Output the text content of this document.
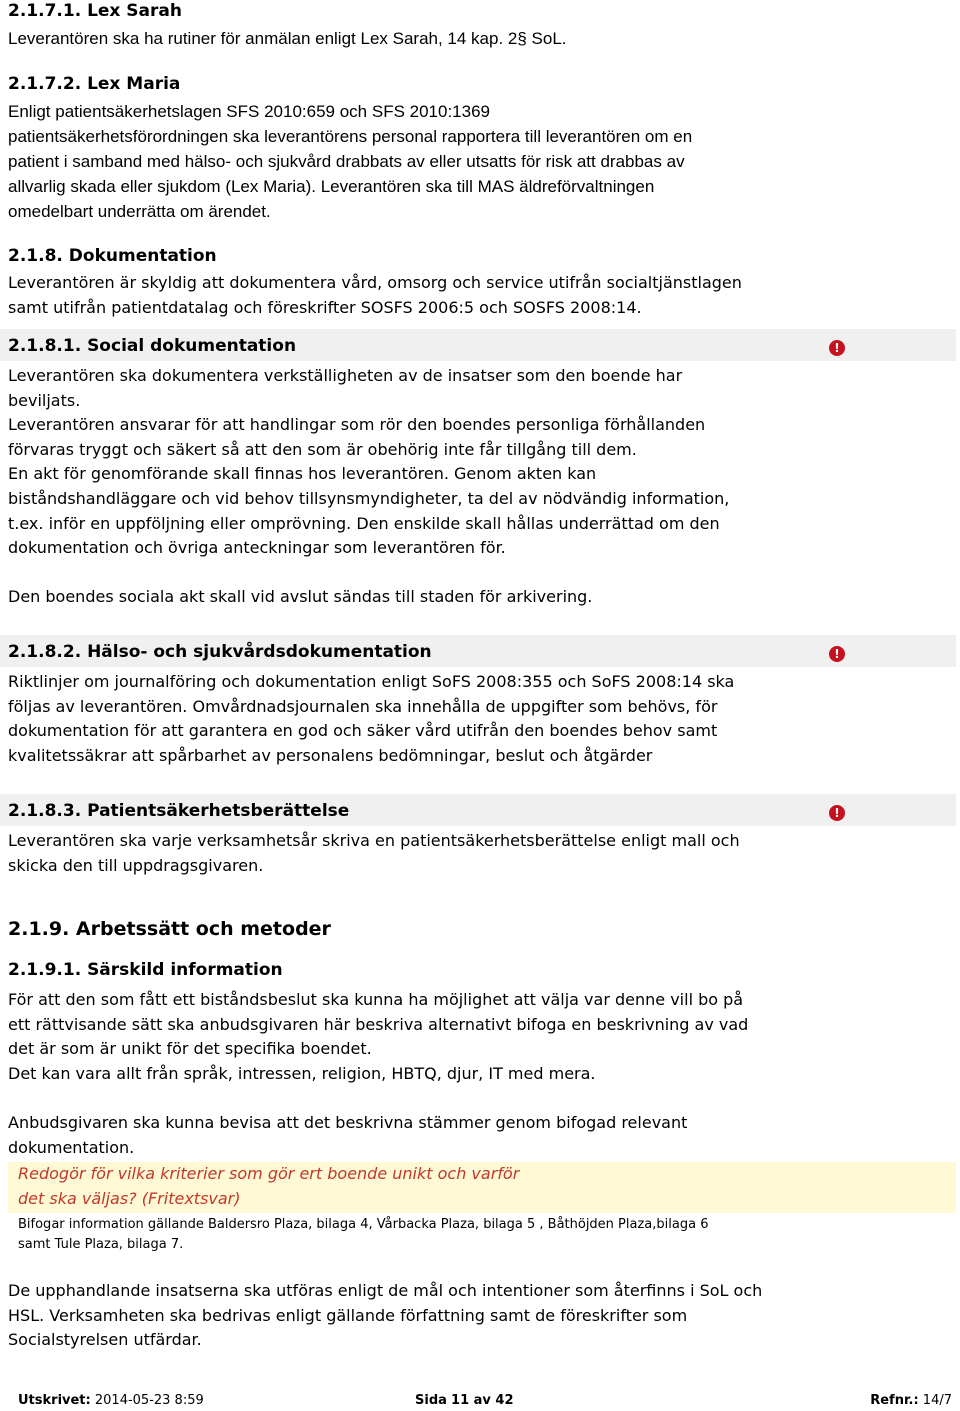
2.1.7.1. Lex Sarah

Leverantören ska ha rutiner för anmälan enligt Lex Sarah, 14 kap. 2§ SoL.

2.1.7.2. Lex Maria

Enligt patientsäkerhetslagen SFS 2010:659 och SFS 2010:1369

patientsäkerhetsförordningen ska leverantörens personal rapportera till leverantören om en

patient i samband med hälso- och sjukvård drabbats av eller utsatts för risk att drabbas av

allvarlig skada eller sjukdom (Lex Maria). Leverantören ska till MAS äldreförvaltningen

omedelbart underrätta om ärendet.

2.1.8. Dokumentation

Leverantören är skyldig att dokumentera vård, omsorg och service utifrån socialtjänstlagen

samt utifrån patientdatalag och föreskrifter SOSFS 2006:5 och SOSFS 2008:14.

2.1.8.1. Social dokumentation	!

Leverantören ska dokumentera verkställigheten av de insatser som den boende har

beviljats.

Leverantören ansvarar för att handlingar som rör den boendes personliga förhållanden

förvaras tryggt och säkert så att den som är obehörig inte får tillgång till dem.

En akt för genomförande skall finnas hos leverantören. Genom akten kan

biståndshandläggare och vid behov tillsynsmyndigheter, ta del av nödvändig information,

t.ex. inför en uppföljning eller omprövning. Den enskilde skall hållas underrättad om den

dokumentation och övriga anteckningar som leverantören för.

Den boendes sociala akt skall vid avslut sändas till staden för arkivering.

2.1.8.2. Hälso- och sjukvårdsdokumentation	!

Riktlinjer om journalföring och dokumentation enligt SoFS 2008:355 och SoFS 2008:14 ska

följas av leverantören. Omvårdnadsjournalen ska innehålla de uppgifter som behövs, för

dokumentation för att garantera en god och säker vård utifrån den boendes behov samt

kvalitetssäkrar att spårbarhet av personalens bedömningar, beslut och åtgärder

2.1.8.3. Patientsäkerhetsberättelse	!

Leverantören ska varje verksamhetsår skriva en patientsäkerhetsberättelse enligt mall och

skicka den till uppdragsgivaren.

2.1.9. Arbetssätt och metoder
2.1.9.1. Särskild information

För att den som fått ett biståndsbeslut ska kunna ha möjlighet att välja var denne vill bo på

ett rättvisande sätt ska anbudsgivaren här beskriva alternativt bifoga en beskrivning av vad

det är som är unikt för det specifika boendet.

Det kan vara allt från språk, intressen, religion, HBTQ, djur, IT med mera.

Anbudsgivaren ska kunna bevisa att det beskrivna stämmer genom bifogad relevant

dokumentation.

Redogör för vilka kriterier som gör ert boende unikt och varför

det ska väljas? (Fritextsvar)

Bifogar information gällande Baldersro Plaza, bilaga 4, Vårbacka Plaza, bilaga 5 , Båthöjden Plaza,bilaga 6

samt Tule Plaza, bilaga 7.

De upphandlande insatserna ska utföras enligt de mål och intentioner som återfinns i SoL och

HSL. Verksamheten ska bedrivas enligt gällande författning samt de föreskrifter som

Socialstyrelsen utfärdar.

Utskrivet: 2014-05-23 8:59	Sida 11 av 42	Refnr.: 14/7
